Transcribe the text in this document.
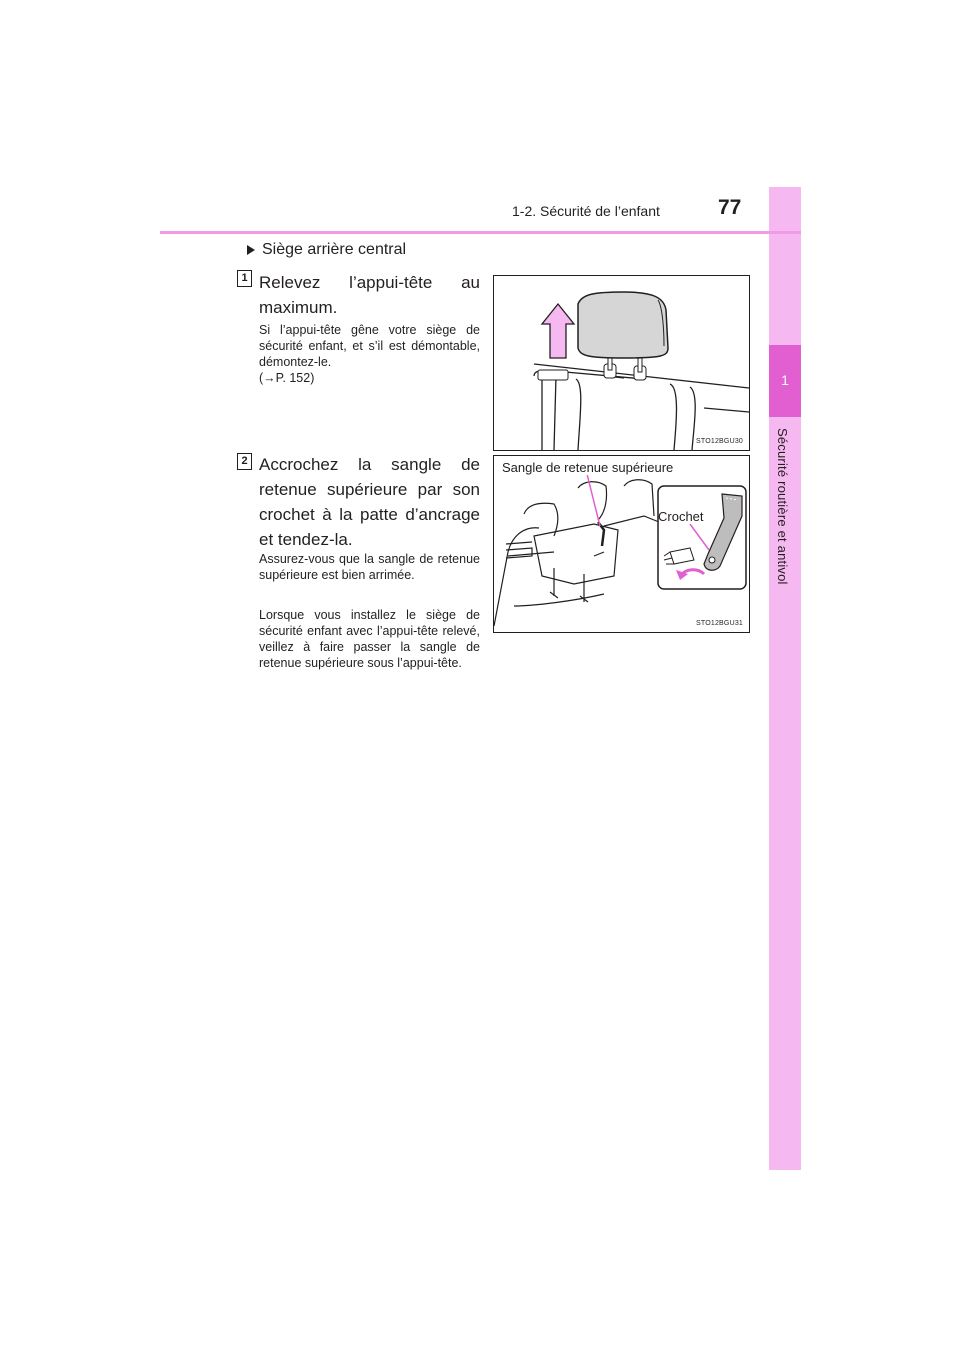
1
Sécurité routière et antivol
1-2. Sécurité de l’enfant	77
Siège arrière central
1 Relevez l’appui-tête au maximum.
Si l’appui-tête gêne votre siège de sécurité enfant, et s’il est démontable, démontez-le.
(→P. 152)
2 Accrochez la sangle de retenue supérieure par son crochet à la patte d’ancrage et tendez-la.
Assurez-vous que la sangle de retenue supérieure est bien arrimée.
Lorsque vous installez le siège de sécurité enfant avec l’appui-tête relevé, veillez à faire passer la sangle de retenue supérieure sous l’appui-tête.
STO12BGU30
Sangle de retenue supérieure
Crochet
STO12BGU31
